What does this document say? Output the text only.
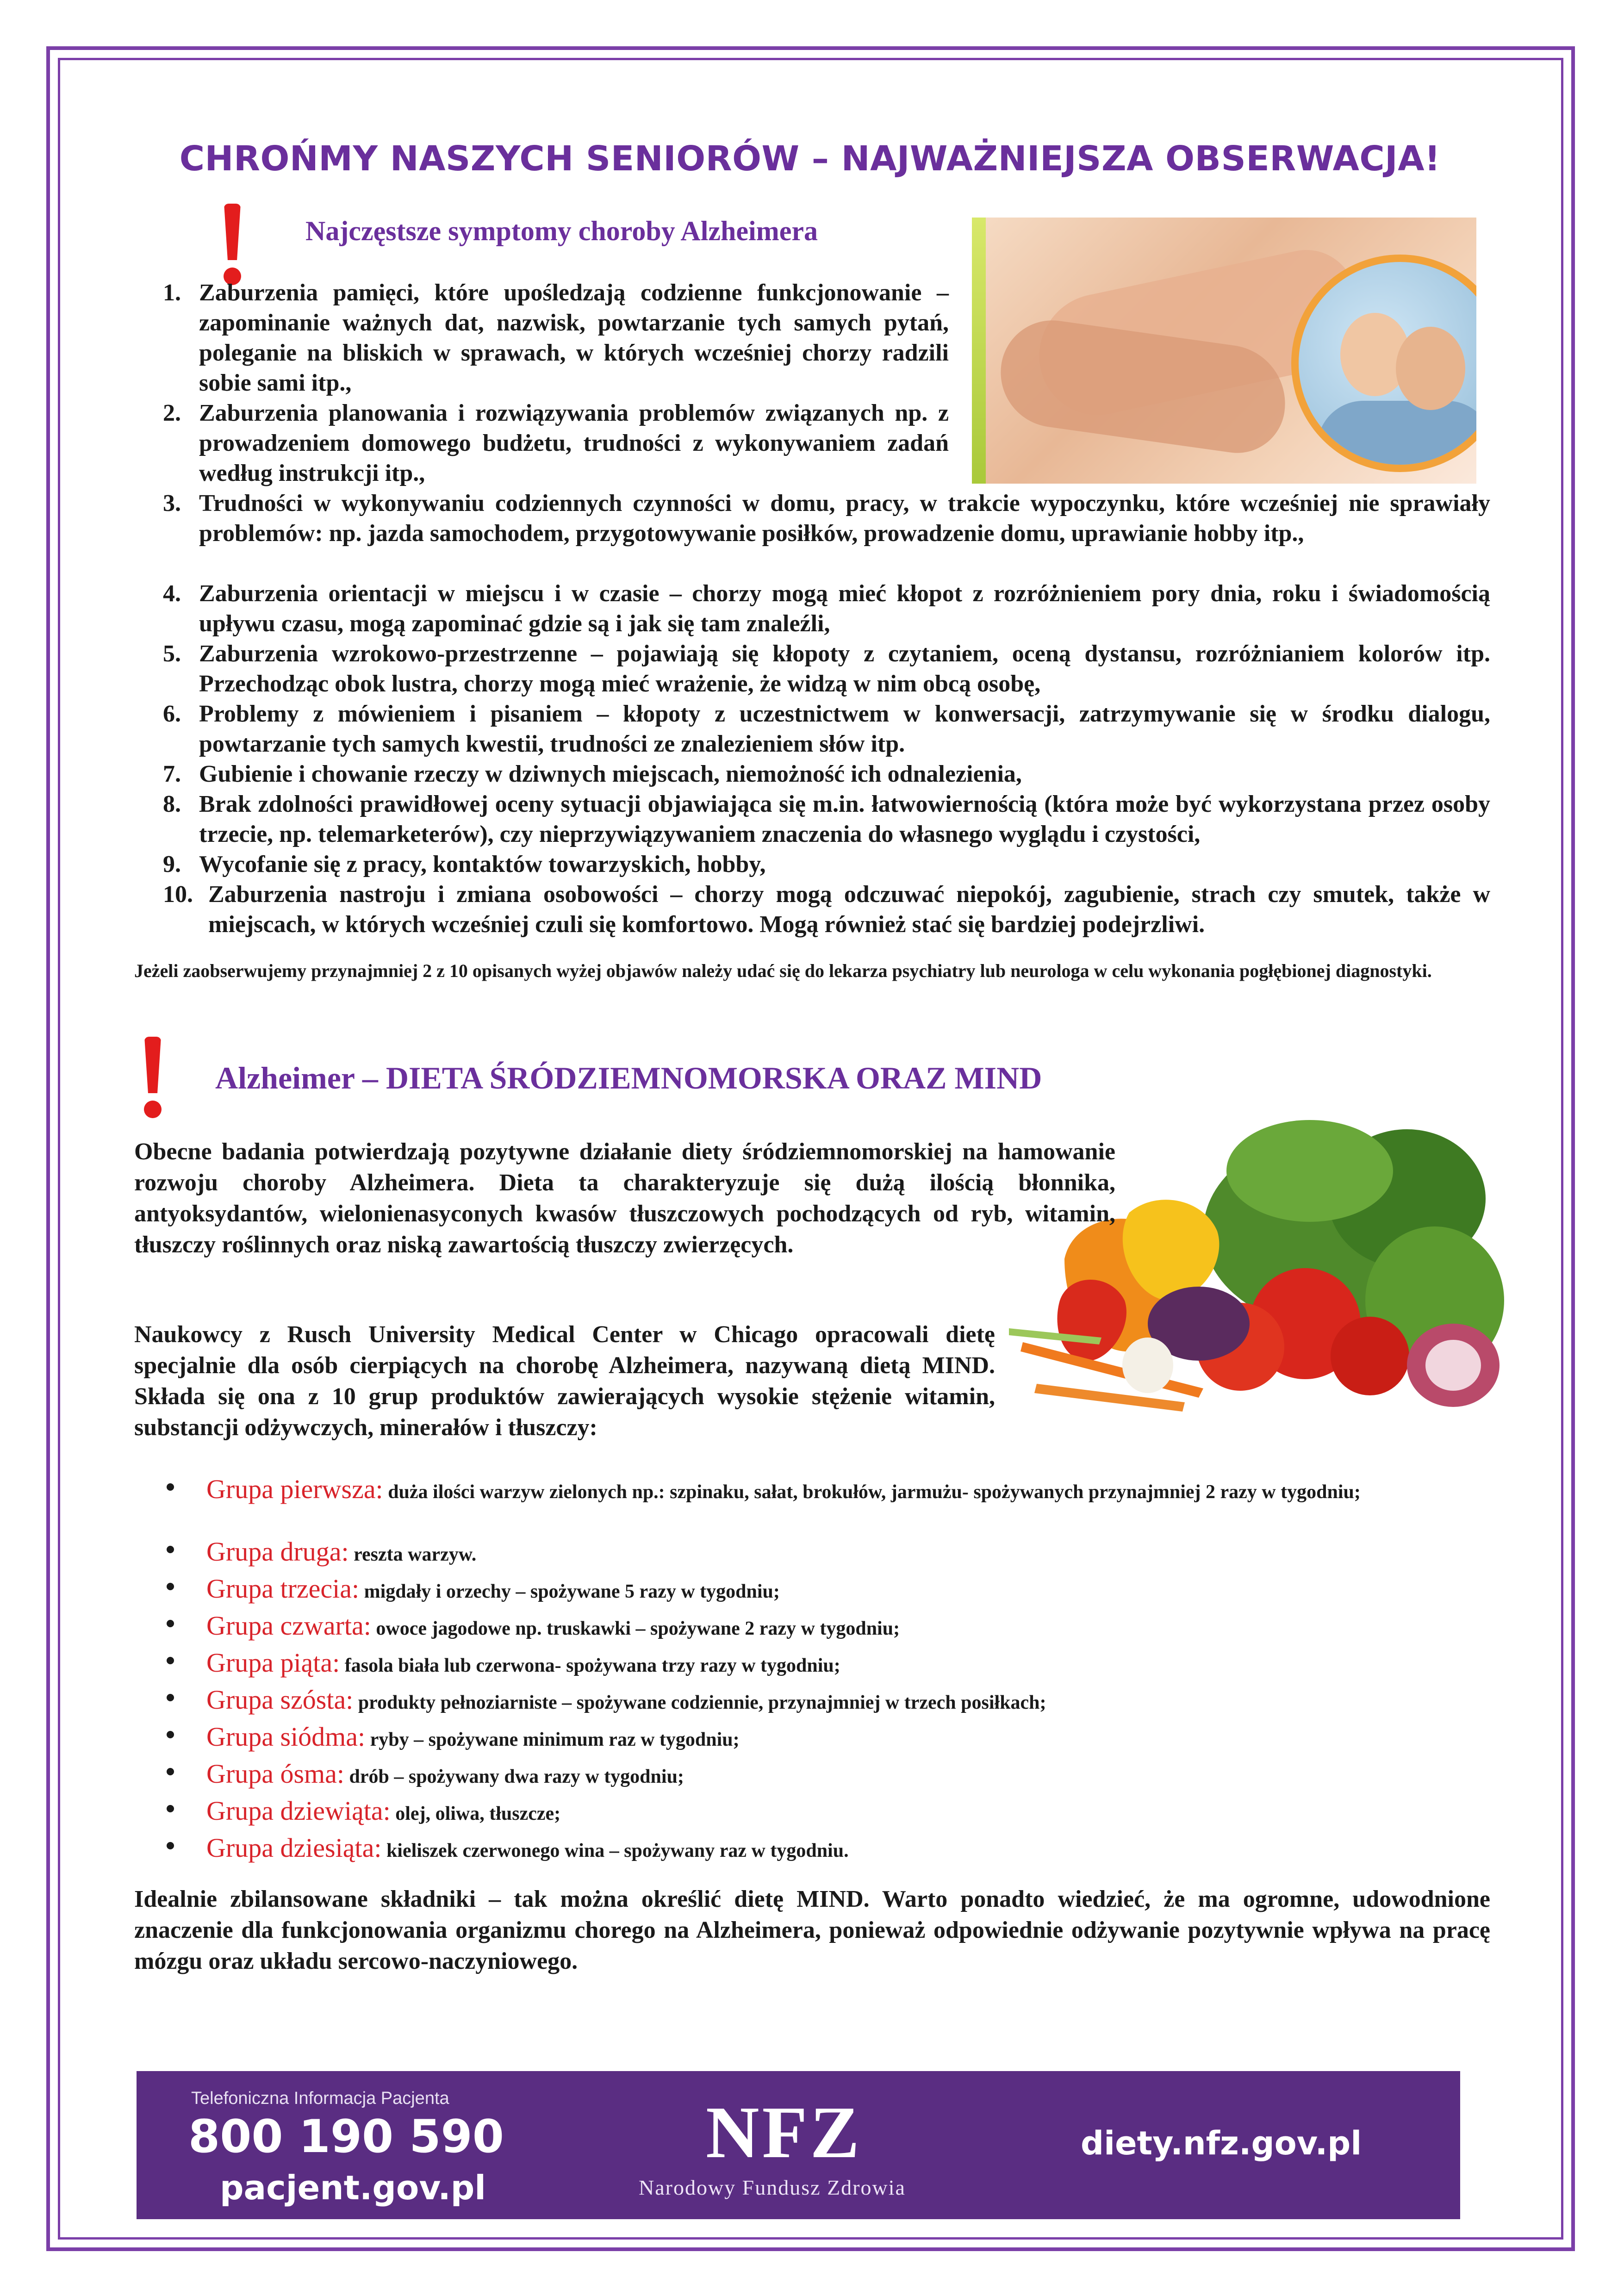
CHROŃMY NASZYCH SENIORÓW – NAJWAŻNIEJSZA OBSERWACJA!
Najczęstsze symptomy choroby Alzheimera
1.
2.
3.
4.
5.
6.
7.
8.
9.
10.
Zaburzenia pamięci, które upośledzają codzienne funkcjonowanie – zapominanie ważnych dat, nazwisk, powtarzanie tych samych pytań, poleganie na bliskich w sprawach, w których wcześniej chorzy radzili sobie sami itp.,
Zaburzenia planowania i rozwiązywania problemów związanych np. z prowadzeniem domowego budżetu, trudności z wykonywaniem zadań według instrukcji itp.,
Trudności w wykonywaniu codziennych czynności w domu, pracy, w trakcie wypoczynku, które wcześniej nie sprawiały problemów: np. jazda samochodem, przygotowywanie posiłków, prowadzenie domu, uprawianie hobby itp.,
Zaburzenia orientacji w miejscu i w czasie – chorzy mogą mieć kłopot z rozróżnieniem pory dnia, roku i świadomością upływu czasu, mogą zapominać gdzie są i jak się tam znaleźli,
Zaburzenia wzrokowo-przestrzenne – pojawiają się kłopoty z czytaniem, oceną dystansu, rozróżnianiem kolorów itp. Przechodząc obok lustra, chorzy mogą mieć wrażenie, że widzą w nim obcą osobę,
Problemy z mówieniem i pisaniem – kłopoty z uczestnictwem w konwersacji, zatrzymywanie się w środku dialogu, powtarzanie tych samych kwestii, trudności ze znalezieniem słów itp.
Gubienie i chowanie rzeczy w dziwnych miejscach, niemożność ich odnalezienia,
Brak zdolności prawidłowej oceny sytuacji objawiająca się m.in. łatwowiernością (która może być wykorzystana przez osoby trzecie, np. telemarketerów), czy nieprzywiązywaniem znaczenia do własnego wyglądu i czystości,
Wycofanie się z pracy, kontaktów towarzyskich, hobby,
Zaburzenia nastroju i zmiana osobowości – chorzy mogą odczuwać niepokój, zagubienie, strach czy smutek, także w miejscach, w których wcześniej czuli się komfortowo. Mogą również stać się bardziej podejrzliwi.
Jeżeli zaobserwujemy przynajmniej 2 z 10 opisanych wyżej objawów należy udać się do lekarza psychiatry lub neurologa w celu wykonania pogłębionej diagnostyki.
Alzheimer – DIETA ŚRÓDZIEMNOMORSKA ORAZ MIND
Obecne badania potwierdzają pozytywne działanie diety śródziemnomorskiej na hamowanie rozwoju choroby Alzheimera. Dieta ta charakteryzuje się dużą ilością błonnika, antyoksydantów, wielonienasyconych kwasów tłuszczowych pochodzących od ryb, witamin, tłuszczy roślinnych oraz niską zawartością tłuszczy zwierzęcych.
Naukowcy z Rusch University Medical Center w Chicago opracowali dietę specjalnie dla osób cierpiących na chorobę Alzheimera, nazywaną dietą MIND. Składa się ona z 10 grup produktów zawierających wysokie stężenie witamin, substancji odżywczych, minerałów i tłuszczy:
Grupa pierwsza: duża ilości warzyw zielonych np.: szpinaku, sałat, brokułów, jarmużu- spożywanych przynajmniej 2 razy w tygodniu;
Grupa druga: reszta warzyw.
Grupa trzecia: migdały i orzechy – spożywane 5 razy w tygodniu;
Grupa czwarta: owoce jagodowe np. truskawki – spożywane 2 razy w tygodniu;
Grupa piąta: fasola biała lub czerwona- spożywana trzy razy w tygodniu;
Grupa szósta: produkty pełnoziarniste – spożywane codziennie, przynajmniej w trzech posiłkach;
Grupa siódma: ryby – spożywane minimum raz w tygodniu;
Grupa ósma: drób – spożywany dwa razy w tygodniu;
Grupa dziewiąta: olej, oliwa, tłuszcze;
Grupa dziesiąta: kieliszek czerwonego wina – spożywany raz w tygodniu.
Idealnie zbilansowane składniki – tak można określić dietę MIND. Warto ponadto wiedzieć, że ma ogromne, udowodnione znaczenie dla funkcjonowania organizmu chorego na Alzheimera, ponieważ odpowiednie odżywanie pozytywnie wpływa na pracę mózgu oraz układu sercowo-naczyniowego.
Telefoniczna Informacja Pacjenta
800 190 590
pacjent.gov.pl
NFZ
Narodowy Fundusz Zdrowia
diety.nfz.gov.pl
